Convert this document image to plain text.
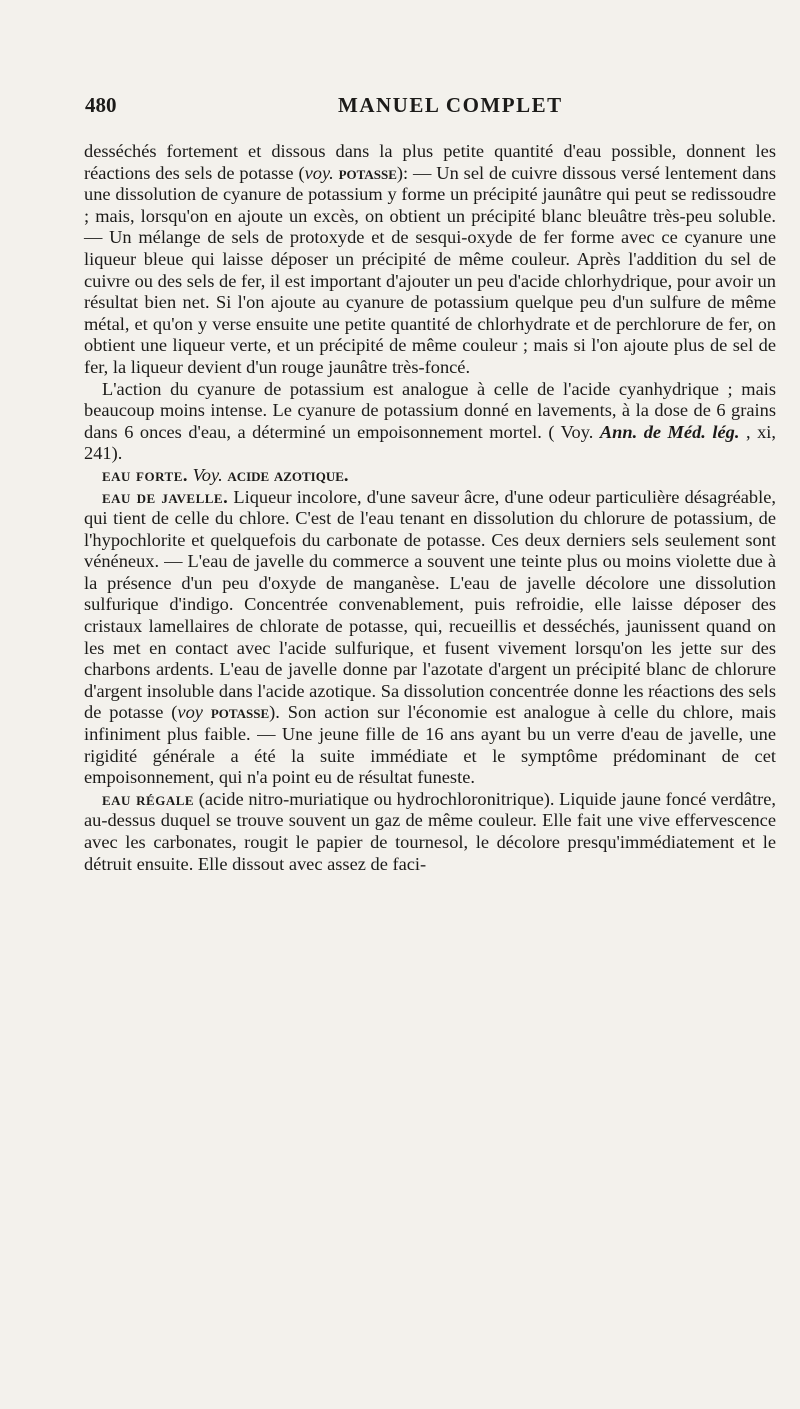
480	MANUEL COMPLET

desséchés fortement et dissous dans la plus petite quantité d'eau possible, donnent les réactions des sels de potasse (voy. potasse): — Un sel de cuivre dissous versé lentement dans une dissolution de cyanure de potassium y forme un précipité jaunâtre qui peut se redissoudre ; mais, lorsqu'on en ajoute un excès, on obtient un précipité blanc bleuâtre très-peu soluble. — Un mélange de sels de protoxyde et de sesqui-oxyde de fer forme avec ce cyanure une liqueur bleue qui laisse déposer un précipité de même couleur. Après l'addition du sel de cuivre ou des sels de fer, il est important d'ajouter un peu d'acide chlorhydrique, pour avoir un résultat bien net. Si l'on ajoute au cyanure de potassium quelque peu d'un sulfure de même métal, et qu'on y verse ensuite une petite quantité de chlorhydrate et de perchlorure de fer, on obtient une liqueur verte, et un précipité de même couleur ; mais si l'on ajoute plus de sel de fer, la liqueur devient d'un rouge jaunâtre très-foncé.

L'action du cyanure de potassium est analogue à celle de l'acide cyanhydrique ; mais beaucoup moins intense. Le cyanure de potassium donné en lavements, à la dose de 6 grains dans 6 onces d'eau, a déterminé un empoisonnement mortel. ( Voy. Ann. de Méd. lég. , xi, 241).

eau forte. Voy. acide azotique.

eau de javelle. Liqueur incolore, d'une saveur âcre, d'une odeur particulière désagréable, qui tient de celle du chlore. C'est de l'eau tenant en dissolution du chlorure de potassium, de l'hypochlorite et quelquefois du carbonate de potasse. Ces deux derniers sels seulement sont vénéneux. — L'eau de javelle du commerce a souvent une teinte plus ou moins violette due à la présence d'un peu d'oxyde de manganèse. L'eau de javelle décolore une dissolution sulfurique d'indigo. Concentrée convenablement, puis refroidie, elle laisse déposer des cristaux lamellaires de chlorate de potasse, qui, recueillis et desséchés, jaunissent quand on les met en contact avec l'acide sulfurique, et fusent vivement lorsqu'on les jette sur des charbons ardents. L'eau de javelle donne par l'azotate d'argent un précipité blanc de chlorure d'argent insoluble dans l'acide azotique. Sa dissolution concentrée donne les réactions des sels de potasse (voy potasse). Son action sur l'économie est analogue à celle du chlore, mais infiniment plus faible. — Une jeune fille de 16 ans ayant bu un verre d'eau de javelle, une rigidité générale a été la suite immédiate et le symptôme prédominant de cet empoisonnement, qui n'a point eu de résultat funeste.

eau régale (acide nitro-muriatique ou hydrochloronitrique). Liquide jaune foncé verdâtre, au-dessus duquel se trouve souvent un gaz de même couleur. Elle fait une vive effervescence avec les carbonates, rougit le papier de tournesol, le décolore presqu'immédiatement et le détruit ensuite. Elle dissout avec assez de faci-
